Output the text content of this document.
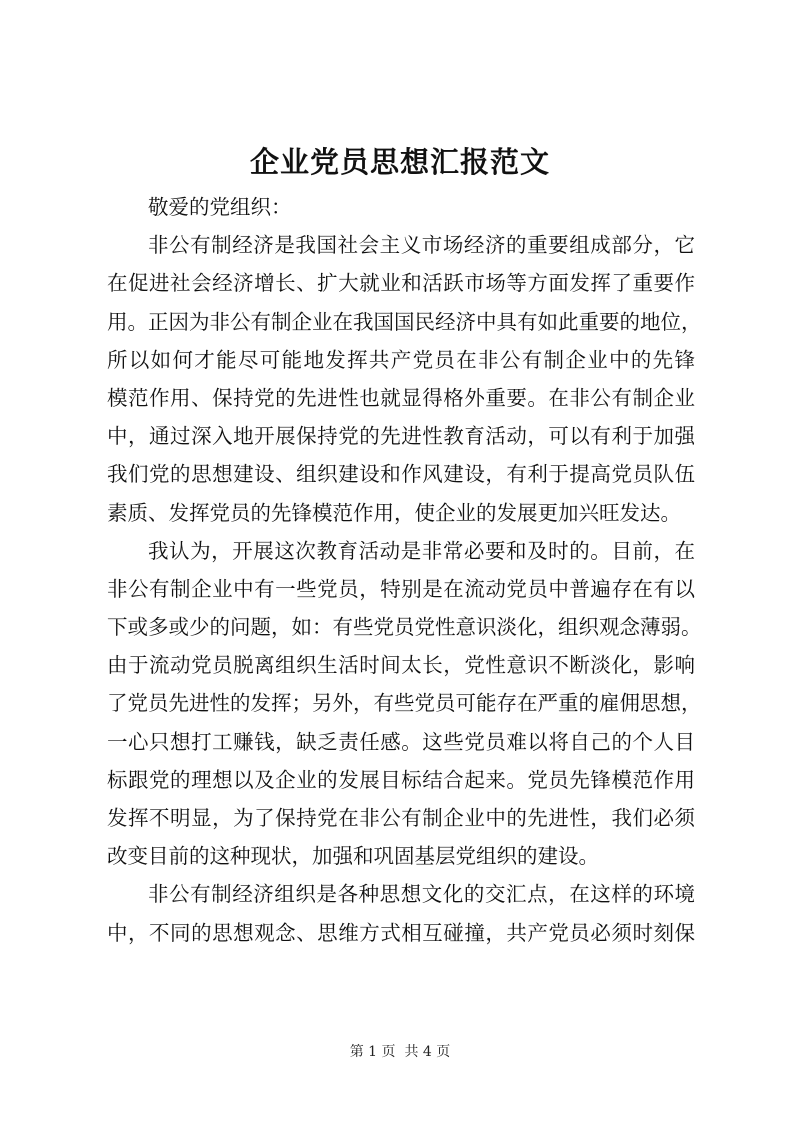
企业党员思想汇报范文
敬爱的党组织：
非公有制经济是我国社会主义市场经济的重要组成部分，它
在促进社会经济增长、扩大就业和活跃市场等方面发挥了重要作
用。正因为非公有制企业在我国国民经济中具有如此重要的地位，
所以如何才能尽可能地发挥共产党员在非公有制企业中的先锋
模范作用、保持党的先进性也就显得格外重要。在非公有制企业
中，通过深入地开展保持党的先进性教育活动，可以有利于加强
我们党的思想建设、组织建设和作风建设，有利于提高党员队伍
素质、发挥党员的先锋模范作用，使企业的发展更加兴旺发达。
我认为，开展这次教育活动是非常必要和及时的。目前，在
非公有制企业中有一些党员，特别是在流动党员中普遍存在有以
下或多或少的问题，如：有些党员党性意识淡化，组织观念薄弱。
由于流动党员脱离组织生活时间太长，党性意识不断淡化，影响
了党员先进性的发挥；另外，有些党员可能存在严重的雇佣思想，
一心只想打工赚钱，缺乏责任感。这些党员难以将自己的个人目
标跟党的理想以及企业的发展目标结合起来。党员先锋模范作用
发挥不明显，为了保持党在非公有制企业中的先进性，我们必须
改变目前的这种现状，加强和巩固基层党组织的建设。
非公有制经济组织是各种思想文化的交汇点，在这样的环境
中，不同的思想观念、思维方式相互碰撞，共产党员必须时刻保
第 1 页  共 4 页
